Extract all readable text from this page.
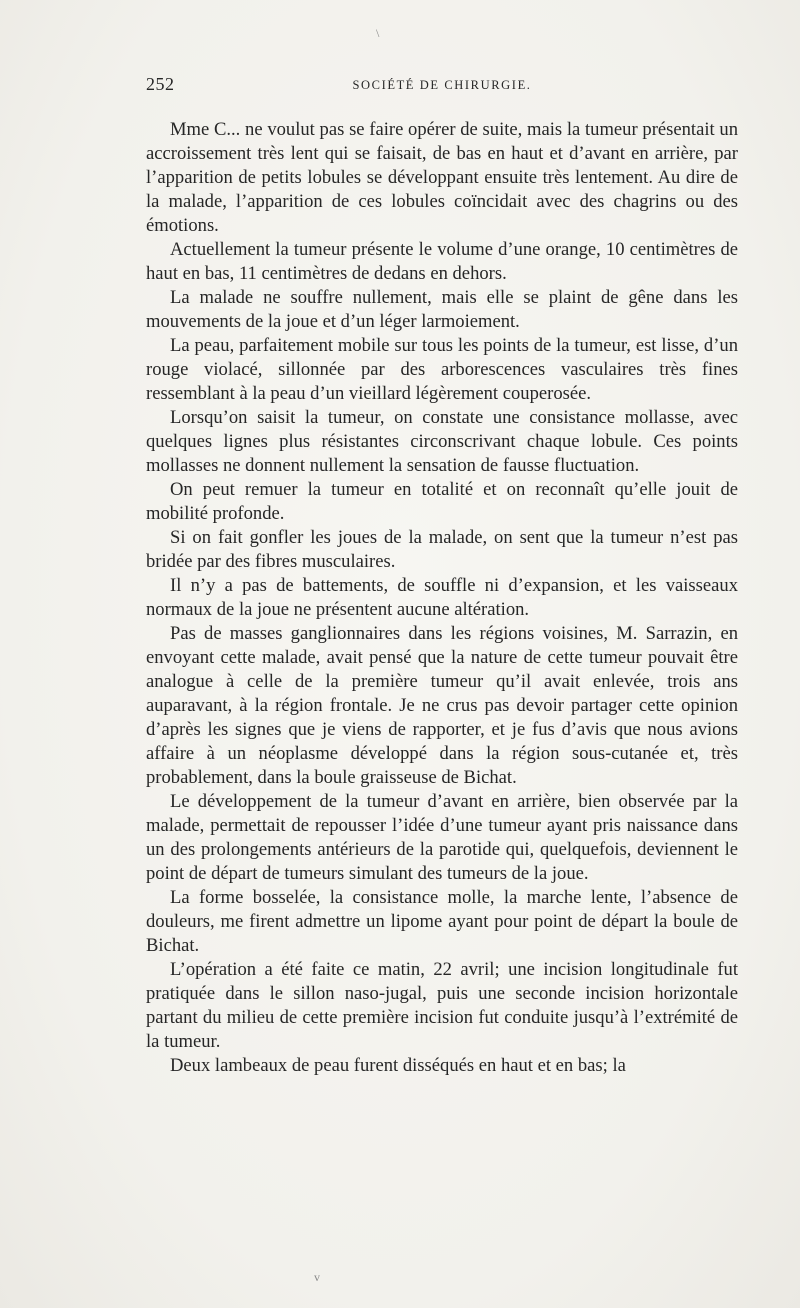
\
252	SOCIÉTÉ DE CHIRURGIE.

Mme C... ne voulut pas se faire opérer de suite, mais la tumeur présentait un accroissement très lent qui se faisait, de bas en haut et d’avant en arrière, par l’apparition de petits lobules se développant ensuite très lentement. Au dire de la malade, l’apparition de ces lobules coïncidait avec des chagrins ou des émotions.

Actuellement la tumeur présente le volume d’une orange, 10 centimètres de haut en bas, 11 centimètres de dedans en dehors.

La malade ne souffre nullement, mais elle se plaint de gêne dans les mouvements de la joue et d’un léger larmoiement.

La peau, parfaitement mobile sur tous les points de la tumeur, est lisse, d’un rouge violacé, sillonnée par des arborescences vasculaires très fines ressemblant à la peau d’un vieillard légèrement couperosée.

Lorsqu’on saisit la tumeur, on constate une consistance mollasse, avec quelques lignes plus résistantes circonscrivant chaque lobule. Ces points mollasses ne donnent nullement la sensation de fausse fluctuation.

On peut remuer la tumeur en totalité et on reconnaît qu’elle jouit de mobilité profonde.

Si on fait gonfler les joues de la malade, on sent que la tumeur n’est pas bridée par des fibres musculaires.

Il n’y a pas de battements, de souffle ni d’expansion, et les vaisseaux normaux de la joue ne présentent aucune altération.

Pas de masses ganglionnaires dans les régions voisines, M. Sarrazin, en envoyant cette malade, avait pensé que la nature de cette tumeur pouvait être analogue à celle de la première tumeur qu’il avait enlevée, trois ans auparavant, à la région frontale. Je ne crus pas devoir partager cette opinion d’après les signes que je viens de rapporter, et je fus d’avis que nous avions affaire à un néoplasme développé dans la région sous-cutanée et, très probablement, dans la boule graisseuse de Bichat.

Le développement de la tumeur d’avant en arrière, bien observée par la malade, permettait de repousser l’idée d’une tumeur ayant pris naissance dans un des prolongements antérieurs de la parotide qui, quelquefois, deviennent le point de départ de tumeurs simulant des tumeurs de la joue.

La forme bosselée, la consistance molle, la marche lente, l’absence de douleurs, me firent admettre un lipome ayant pour point de départ la boule de Bichat.

L’opération a été faite ce matin, 22 avril; une incision longitudinale fut pratiquée dans le sillon naso-jugal, puis une seconde incision horizontale partant du milieu de cette première incision fut conduite jusqu’à l’extrémité de la tumeur.

Deux lambeaux de peau furent disséqués en haut et en bas; la

v
